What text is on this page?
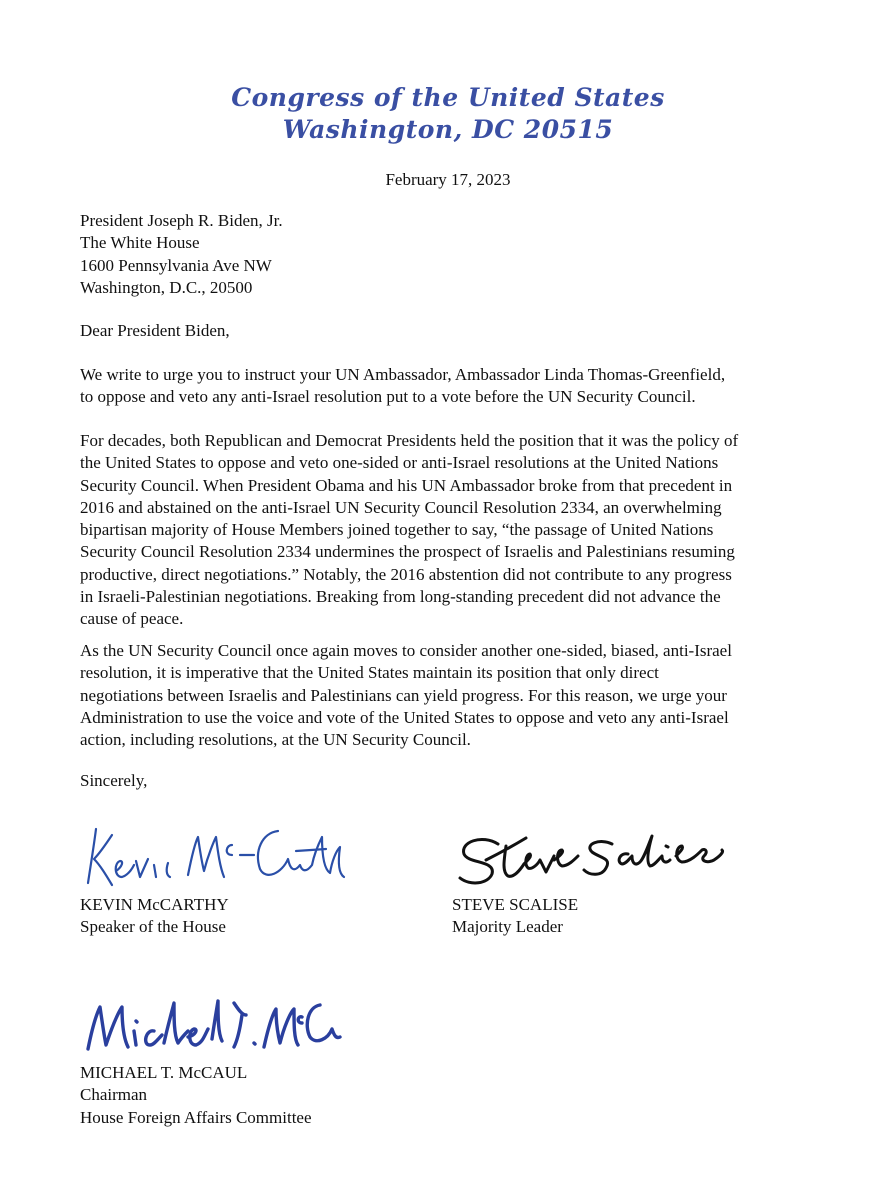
Congress of the United States
Washington, DC 20515
February 17, 2023
President Joseph R. Biden, Jr.
The White House
1600 Pennsylvania Ave NW
Washington, D.C., 20500
Dear President Biden,
We write to urge you to instruct your UN Ambassador, Ambassador Linda Thomas-Greenfield,
to oppose and veto any anti-Israel resolution put to a vote before the UN Security Council.
For decades, both Republican and Democrat Presidents held the position that it was the policy of
the United States to oppose and veto one-sided or anti-Israel resolutions at the United Nations
Security Council. When President Obama and his UN Ambassador broke from that precedent in
2016 and abstained on the anti-Israel UN Security Council Resolution 2334, an overwhelming
bipartisan majority of House Members joined together to say, “the passage of United Nations
Security Council Resolution 2334 undermines the prospect of Israelis and Palestinians resuming
productive, direct negotiations.” Notably, the 2016 abstention did not contribute to any progress
in Israeli-Palestinian negotiations. Breaking from long-standing precedent did not advance the
cause of peace.
As the UN Security Council once again moves to consider another one-sided, biased, anti-Israel
resolution, it is imperative that the United States maintain its position that only direct
negotiations between Israelis and Palestinians can yield progress. For this reason, we urge your
Administration to use the voice and vote of the United States to oppose and veto any anti-Israel
action, including resolutions, at the UN Security Council.
Sincerely,
KEVIN McCARTHY
Speaker of the House
STEVE SCALISE
Majority Leader
MICHAEL T. McCAUL
Chairman
House Foreign Affairs Committee
